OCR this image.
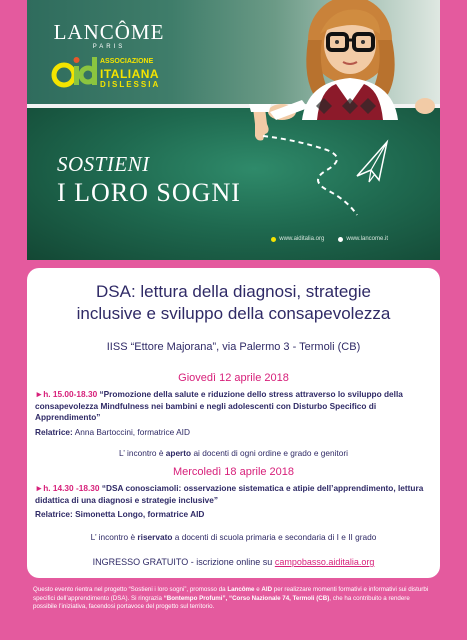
LANCÔME
PARIS
ASSOCIAZIONE
ITALIANA
DISLESSIA
SOSTIENI
I LORO SOGNI
www.aiditalia.org	www.lancome.it
DSA: lettura della diagnosi, strategie
inclusive e sviluppo della consapevolezza
IISS “Ettore Majorana”, via Palermo 3 - Termoli (CB)
Giovedì 12 aprile 2018
►h. 15.00-18.30 “Promozione della salute e riduzione dello stress attraverso lo sviluppo della consapevolezza Mindfulness nei bambini e negli adolescenti con Disturbo Specifico di Apprendimento”
Relatrice: Anna Bartoccini, formatrice AID
L’ incontro è aperto ai docenti di ogni ordine e grado e genitori
Mercoledì 18 aprile 2018
►h. 14.30 -18.30 “DSA conosciamoli: osservazione sistematica e atipie dell’apprendimento, lettura didattica di una diagnosi e strategie inclusive”
Relatrice: Simonetta Longo, formatrice AID
L’ incontro è riservato a docenti di scuola primaria e secondaria di I e II grado
INGRESSO GRATUITO - iscrizione online su campobasso.aiditalia.org
Questo evento rientra nel progetto “Sostieni i loro sogni”, promosso da Lancôme e AID per realizzare momenti formativi e informativi sui disturbi specifici dell’apprendimento (DSA). Si ringrazia “Bontempo Profumi”, “Corso Nazionale 74, Termoli (CB), che ha contribuito a rendere possibile l’iniziativa, facendosi portavoce del progetto sul territorio.
